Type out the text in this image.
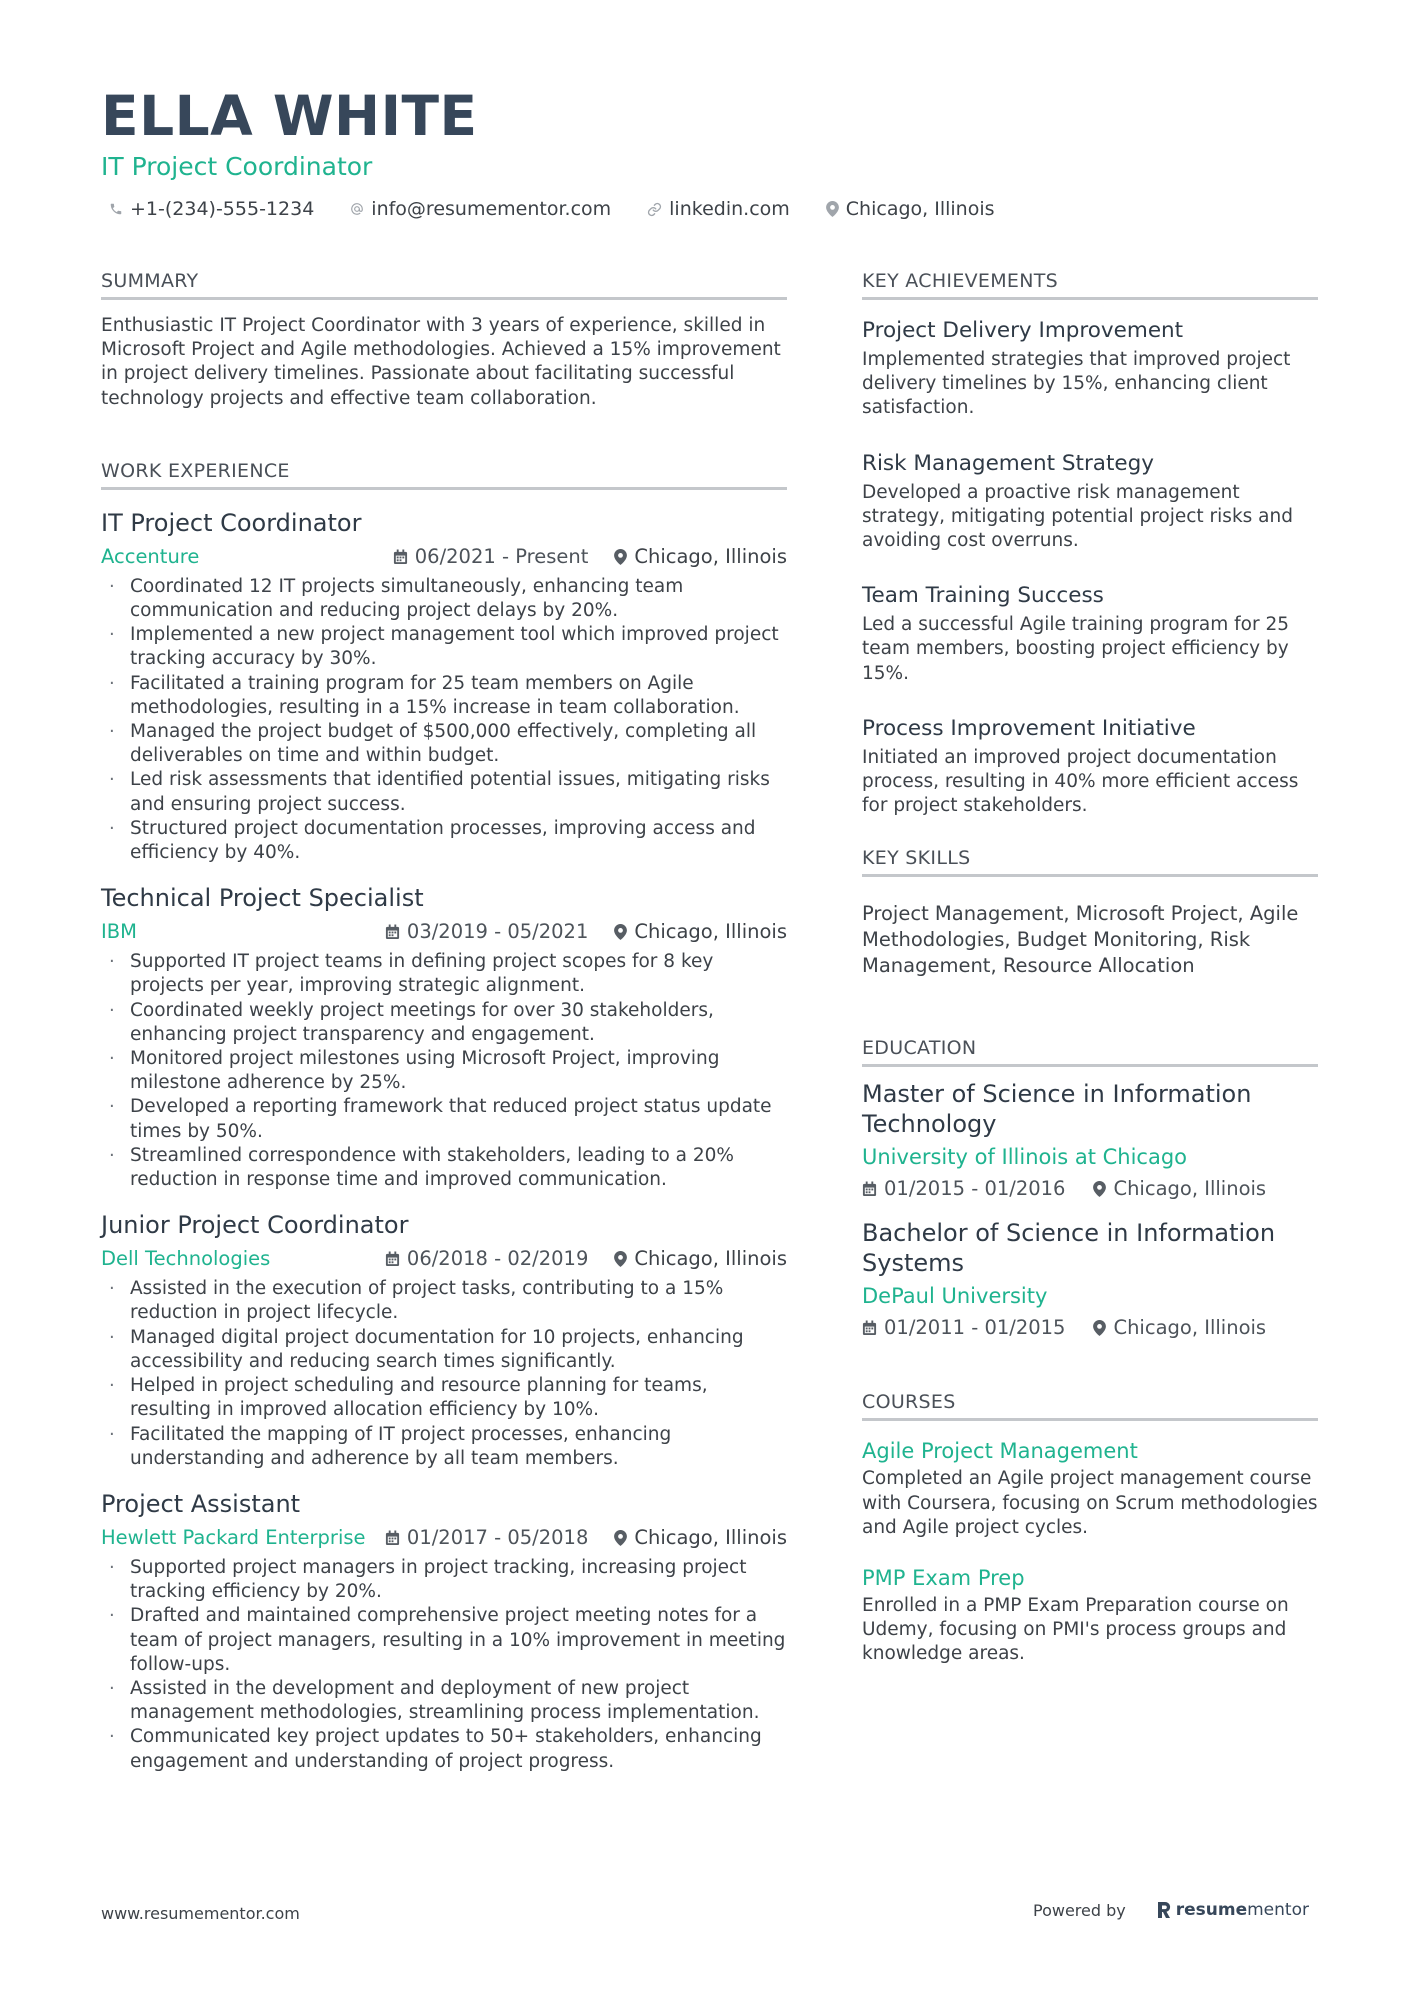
ELLA WHITE
IT Project Coordinator
+1-(234)-555-1234	info@resumementor.com	linkedin.com	Chicago, Illinois
SUMMARY
Enthusiastic IT Project Coordinator with 3 years of experience, skilled in Microsoft Project and Agile methodologies. Achieved a 15% improvement in project delivery timelines. Passionate about facilitating successful technology projects and effective team collaboration.
WORK EXPERIENCE
IT Project Coordinator
Accenture	06/2021 - Present Chicago, Illinois
· Coordinated 12 IT projects simultaneously, enhancing team communication and reducing project delays by 20%.
· Implemented a new project management tool which improved project tracking accuracy by 30%.
· Facilitated a training program for 25 team members on Agile methodologies, resulting in a 15% increase in team collaboration.
· Managed the project budget of $500,000 effectively, completing all deliverables on time and within budget.
· Led risk assessments that identified potential issues, mitigating risks and ensuring project success.
· Structured project documentation processes, improving access and efficiency by 40%.
Technical Project Specialist
IBM	03/2019 - 05/2021 Chicago, Illinois
· Supported IT project teams in defining project scopes for 8 key projects per year, improving strategic alignment.
· Coordinated weekly project meetings for over 30 stakeholders, enhancing project transparency and engagement.
· Monitored project milestones using Microsoft Project, improving milestone adherence by 25%.
· Developed a reporting framework that reduced project status update times by 50%.
· Streamlined correspondence with stakeholders, leading to a 20% reduction in response time and improved communication.
Junior Project Coordinator
Dell Technologies	06/2018 - 02/2019 Chicago, Illinois
· Assisted in the execution of project tasks, contributing to a 15% reduction in project lifecycle.
· Managed digital project documentation for 10 projects, enhancing accessibility and reducing search times significantly.
· Helped in project scheduling and resource planning for teams, resulting in improved allocation efficiency by 10%.
· Facilitated the mapping of IT project processes, enhancing understanding and adherence by all team members.
Project Assistant
Hewlett Packard Enterprise 01/2017 - 05/2018 Chicago, Illinois
· Supported project managers in project tracking, increasing project tracking efficiency by 20%.
· Drafted and maintained comprehensive project meeting notes for a team of project managers, resulting in a 10% improvement in meeting follow-ups.
· Assisted in the development and deployment of new project management methodologies, streamlining process implementation.
· Communicated key project updates to 50+ stakeholders, enhancing engagement and understanding of project progress.
KEY ACHIEVEMENTS
Project Delivery Improvement
Implemented strategies that improved project delivery timelines by 15%, enhancing client satisfaction.
Risk Management Strategy
Developed a proactive risk management strategy, mitigating potential project risks and avoiding cost overruns.
Team Training Success
Led a successful Agile training program for 25 team members, boosting project efficiency by 15%.
Process Improvement Initiative
Initiated an improved project documentation process, resulting in 40% more efficient access for project stakeholders.
KEY SKILLS
Project Management, Microsoft Project, Agile Methodologies, Budget Monitoring, Risk Management, Resource Allocation
EDUCATION
Master of Science in Information Technology
University of Illinois at Chicago
01/2015 - 01/2016 Chicago, Illinois
Bachelor of Science in Information Systems
DePaul University
01/2011 - 01/2015 Chicago, Illinois
COURSES
Agile Project Management
Completed an Agile project management course with Coursera, focusing on Scrum methodologies and Agile project cycles.
PMP Exam Prep
Enrolled in a PMP Exam Preparation course on Udemy, focusing on PMI's process groups and knowledge areas.
www.resumementor.com	Powered by	resume mentor
